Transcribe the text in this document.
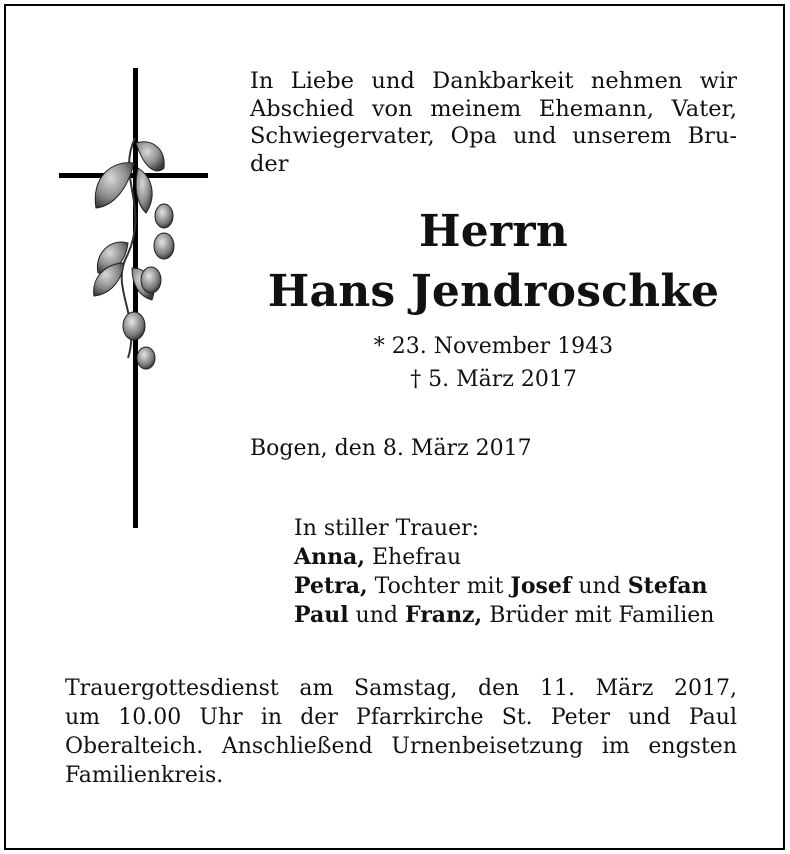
In Liebe und Dankbarkeit nehmen wir
Abschied von meinem Ehemann, Vater,
Schwiegervater, Opa und unserem Bru-
der
Herrn
Hans Jendroschke
* 23. November 1943
† 5. März 2017
Bogen, den 8. März 2017
In stiller Trauer:
Anna, Ehefrau
Petra, Tochter mit Josef und Stefan
Paul und Franz, Brüder mit Familien
Trauergottesdienst am Samstag, den 11. März 2017,
um 10.00 Uhr in der Pfarrkirche St. Peter und Paul
Oberalteich. Anschließend Urnenbeisetzung im engsten
Familienkreis.
